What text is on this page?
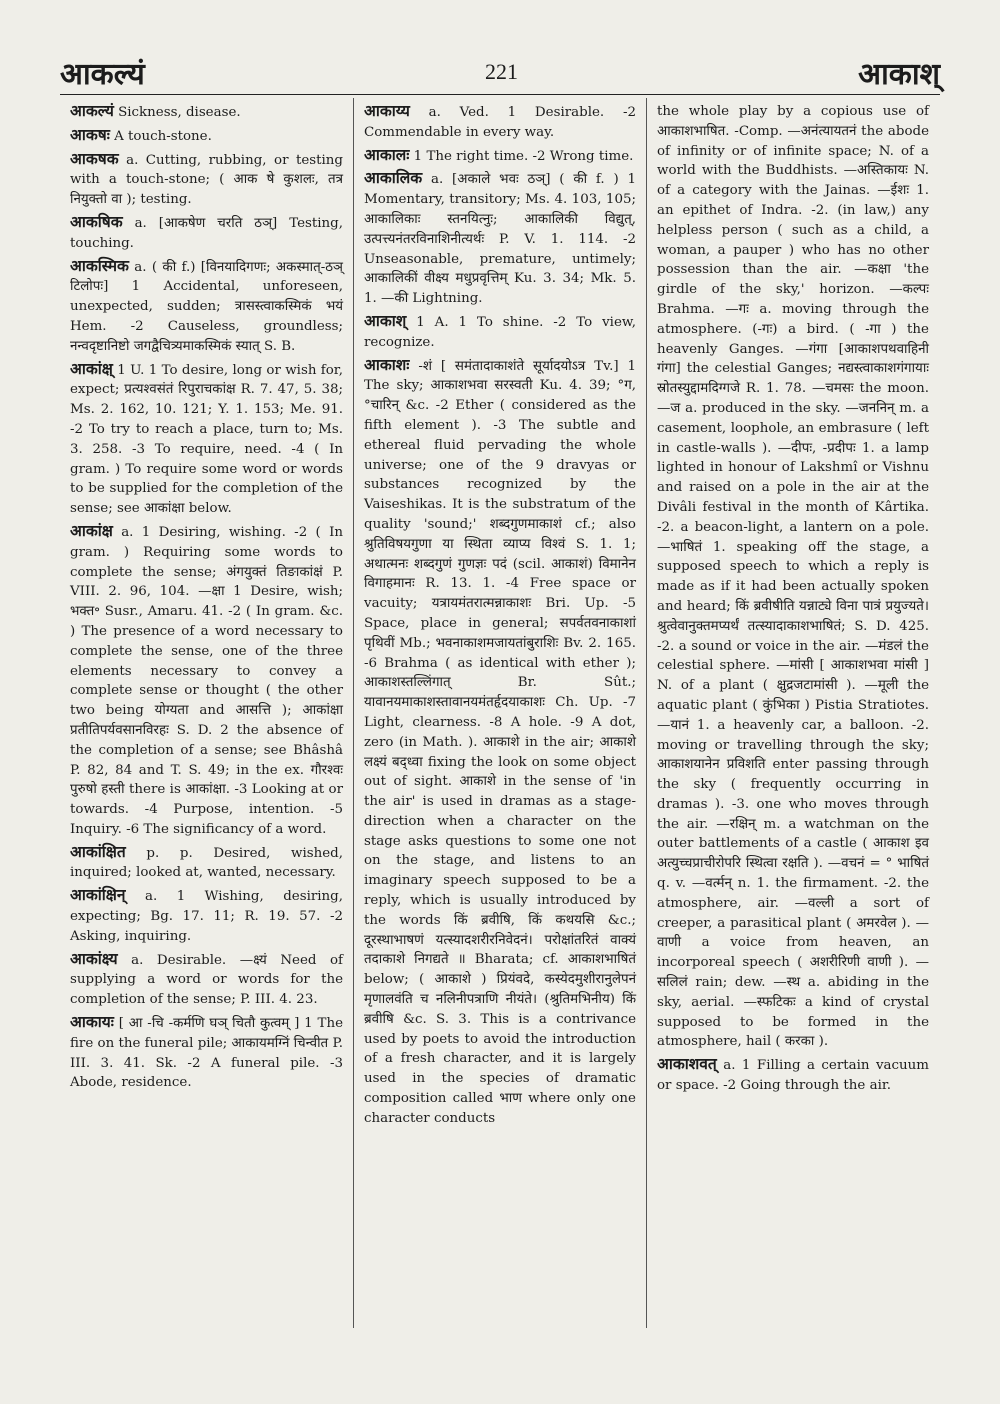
आकल्यं	221	आकाश्

आकल्यं Sickness, disease.

आकषः A touch-stone.

आकषक a. Cutting, rubbing, or testing with a touch-stone; ( आक षे कुशलः, तत्र नियुक्तो वा ); testing.

आकषिक a. [आकषेण चरति ठञ्] Testing, touching.

आकस्मिक a. ( की f.) [विनयादिगणः; अकस्मात्-ठञ् टिलोपः] 1 Accidental, unforeseen, unexpected, sudden; त्रासस्त्वाकस्मिकं भयं Hem. -2 Causeless, groundless; नन्वदृष्टानिष्टो जगद्वैचित्र्यमाकस्मिकं स्यात् S. B.

आकांक्ष् 1 U. 1 To desire, long or wish for, expect; प्रत्यश्वसंतं रिपुराचकांक्ष R. 7. 47, 5. 38; Ms. 2. 162, 10. 121; Y. 1. 153; Me. 91. -2 To try to reach a place, turn to; Ms. 3. 258. -3 To require, need. -4 ( In gram. ) To require some word or words to be supplied for the completion of the sense; see आकांक्षा below.

आकांक्ष a. 1 Desiring, wishing. -2 ( In gram. ) Requiring some words to complete the sense; अंगयुक्तं तिङाकांक्षं P. VIII. 2. 96, 104. —क्षा 1 Desire, wish; भक्त॰ Susr., Amaru. 41. -2 ( In gram. &c. ) The presence of a word necessary to complete the sense, one of the three elements necessary to convey a complete sense or thought ( the other two being योग्यता and आसत्ति ); आकांक्षा प्रतीतिपर्यवसानविरहः S. D. 2 the absence of the completion of a sense; see Bhâshâ P. 82, 84 and T. S. 49; in the ex. गौरश्वः पुरुषो हस्ती there is आकांक्षा. -3 Looking at or towards. -4 Purpose, intention. -5 Inquiry. -6 The significancy of a word.

आकांक्षित p. p. Desired, wished, inquired; looked at, wanted, necessary.

आकांक्षिन् a. 1 Wishing, desiring, expecting; Bg. 17. 11; R. 19. 57. -2 Asking, inquiring.

आकांक्ष्य a. Desirable. —क्ष्यं Need of supplying a word or words for the completion of the sense; P. III. 4. 23.

आकायः [ आ -चि -कर्मणि घञ् चितौ कुत्वम् ] 1 The fire on the funeral pile; आकायमग्निं चिन्वीत P. III. 3. 41. Sk. -2 A funeral pile. -3 Abode, residence.

आकाय्य a. Ved. 1 Desirable. -2 Commendable in every way.

आकालः 1 The right time. -2 Wrong time.

आकालिक a. [अकाले भवः ठञ्] ( की f. ) 1 Momentary, transitory; Ms. 4. 103, 105; आकालिकाः स्तनयित्नुः; आकालिकी विद्युत्, उत्पत्त्यनंतरविनाशिनीत्यर्थः P. V. 1. 114. -2 Unseasonable, premature, untimely; आकालिकीं वीक्ष्य मधुप्रवृत्तिम् Ku. 3. 34; Mk. 5. 1. —की Lightning.

आकाश् 1 A. 1 To shine. -2 To view, recognize.

आकाशः -शं [ समंतादाकाशंते सूर्यादयोऽत्र Tv.] 1 The sky; आकाशभवा सरस्वती Ku. 4. 39; °ग, °चारिन् &c. -2 Ether ( considered as the fifth element ). -3 The subtle and ethereal fluid pervading the whole universe; one of the 9 dravyas or substances recognized by the Vaiseshikas. It is the substratum of the quality 'sound;' शब्दगुणमाकाशं cf.; also श्रुतिविषयगुणा या स्थिता व्याप्य विश्वं S. 1. 1; अथात्मनः शब्दगुणं गुणज्ञः पदं (scil. आकाशं) विमानेन विगाहमानः R. 13. 1. -4 Free space or vacuity; यत्रायमंतरात्मन्नाकाशः Bri. Up. -5 Space, place in general; सपर्वतवनाकाशां पृथिवीं Mb.; भवनाकाशमजायतांबुराशिः Bv. 2. 165. -6 Brahma ( as identical with ether ); आकाशस्तल्लिंगात् Br. Sût.; यावानयमाकाशस्तावानयमंतर्हृदयाकाशः Ch. Up. -7 Light, clearness. -8 A hole. -9 A dot, zero (in Math. ). आकाशे in the air; आकाशे लक्ष्यं बद्ध्वा fixing the look on some object out of sight. आकाशे in the sense of 'in the air' is used in dramas as a stage-direction when a character on the stage asks questions to some one not on the stage, and listens to an imaginary speech supposed to be a reply, which is usually introduced by the words किं ब्रवीषि, किं कथयसि &c.; दूरस्थाभाषणं यत्स्यादशरीरनिवेदनं। परोक्षांतरितं वाक्यं तदाकाशे निगद्यते ॥ Bharata; cf. आकाशभाषितं below; ( आकाशे ) प्रियंवदे, कस्येदमुशीरानुलेपनं मृणालवंति च नलिनीपत्राणि नीयंते। (श्रुतिमभिनीय) किं ब्रवीषि &c. S. 3. This is a contrivance used by poets to avoid the introduction of a fresh character, and it is largely used in the species of dramatic composition called भाण where only one character conducts

the whole play by a copious use of आकाशभाषित. -Comp. —अनंत्यायतनं the abode of infinity or of infinite space; N. of a world with the Buddhists. —अस्तिकायः N. of a category with the Jainas. —ईशः 1. an epithet of Indra. -2. (in law,) any helpless person ( such as a child, a woman, a pauper ) who has no other possession than the air. —कक्षा 'the girdle of the sky,' horizon. —कल्पः Brahma. —गः a. moving through the atmosphere. (-गः) a bird. ( -गा ) the heavenly Ganges. —गंगा [आकाशपथवाहिनी गंगा] the celestial Ganges; नद्यस्त्वाकाशगंगायाः स्रोतस्युद्दामदिग्गजे R. 1. 78. —चमसः the moon. —ज a. produced in the sky. —जननिन् m. a casement, loophole, an embrasure ( left in castle-walls ). —दीपः, -प्रदीपः 1. a lamp lighted in honour of Lakshmî or Vishnu and raised on a pole in the air at the Divâli festival in the month of Kârtika. -2. a beacon-light, a lantern on a pole. —भाषितं 1. speaking off the stage, a supposed speech to which a reply is made as if it had been actually spoken and heard; किं ब्रवीषीति यन्नाट्ये विना पात्रं प्रयुज्यते। श्रुत्वेवानुक्तमप्यर्थं तत्स्यादाकाशभाषितं; S. D. 425. -2. a sound or voice in the air. —मंडलं the celestial sphere. —मांसी [ आकाशभवा मांसी ] N. of a plant ( क्षुद्रजटामांसी ). —मूली the aquatic plant ( कुंभिका ) Pistia Stratiotes. —यानं 1. a heavenly car, a balloon. -2. moving or travelling through the sky; आकाशयानेन प्रविशति enter passing through the sky ( frequently occurring in dramas ). -3. one who moves through the air. —रक्षिन् m. a watchman on the outer battlements of a castle ( आकाश इव अत्युच्चप्राचीरोपरि स्थित्वा रक्षति ). —वचनं = ° भाषितं q. v. —वर्त्मन् n. 1. the firmament. -2. the atmosphere, air. —वल्ली a sort of creeper, a parasitical plant ( अमरवेल ). —वाणी a voice from heaven, an incorporeal speech ( अशरीरिणी वाणी ). —सलिलं rain; dew. —स्थ a. abiding in the sky, aerial. —स्फटिकः a kind of crystal supposed to be formed in the atmosphere, hail ( करका ).

आकाशवत् a. 1 Filling a certain vacuum or space. -2 Going through the air.
